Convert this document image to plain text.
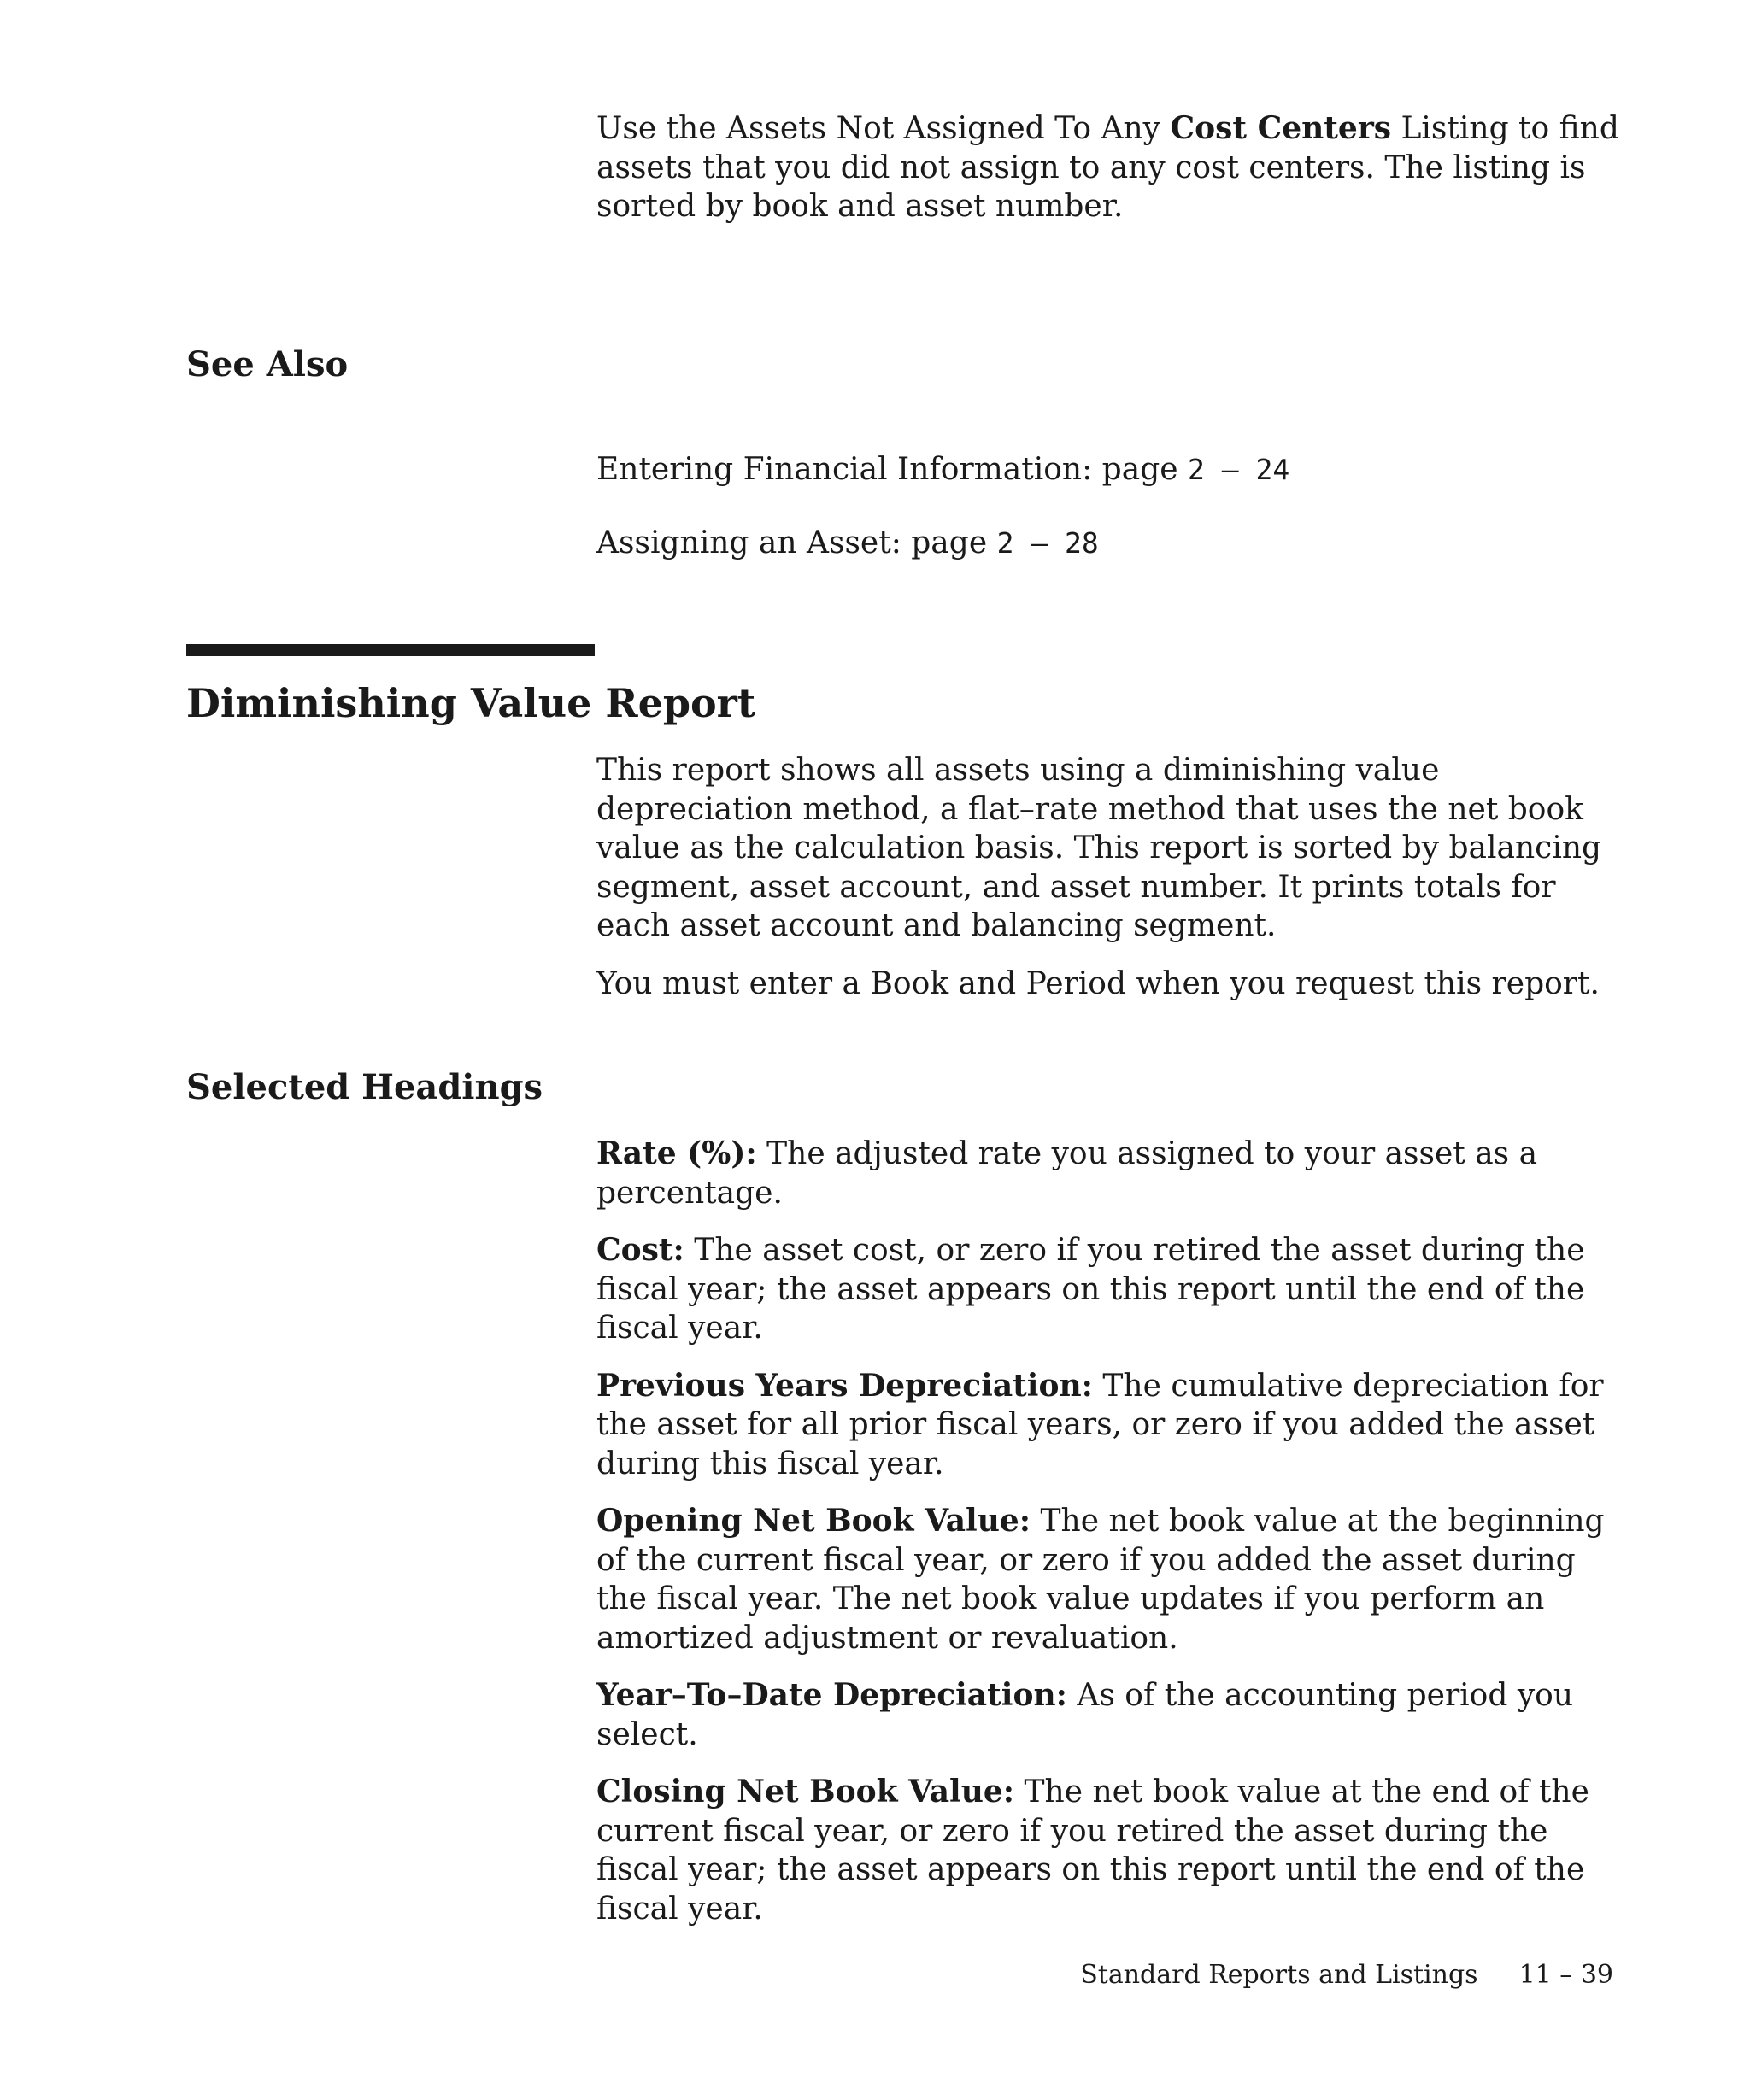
Use the Assets Not Assigned To Any Cost Centers Listing to find assets that you did not assign to any cost centers. The listing is sorted by book and asset number.

See Also

Entering Financial Information: page 2 – 24

Assigning an Asset: page 2 – 28

Diminishing Value Report

This report shows all assets using a diminishing value depreciation method, a flat–rate method that uses the net book value as the calculation basis. This report is sorted by balancing segment, asset account, and asset number. It prints totals for each asset account and balancing segment.

You must enter a Book and Period when you request this report.

Selected Headings

Rate (%): The adjusted rate you assigned to your asset as a percentage.

Cost: The asset cost, or zero if you retired the asset during the fiscal year; the asset appears on this report until the end of the fiscal year.

Previous Years Depreciation: The cumulative depreciation for the asset for all prior fiscal years, or zero if you added the asset during this fiscal year.

Opening Net Book Value: The net book value at the beginning of the current fiscal year, or zero if you added the asset during the fiscal year. The net book value updates if you perform an amortized adjustment or revaluation.

Year–To–Date Depreciation: As of the accounting period you select.

Closing Net Book Value: The net book value at the end of the current fiscal year, or zero if you retired the asset during the fiscal year; the asset appears on this report until the end of the fiscal year.

Standard Reports and Listings 11 – 39
